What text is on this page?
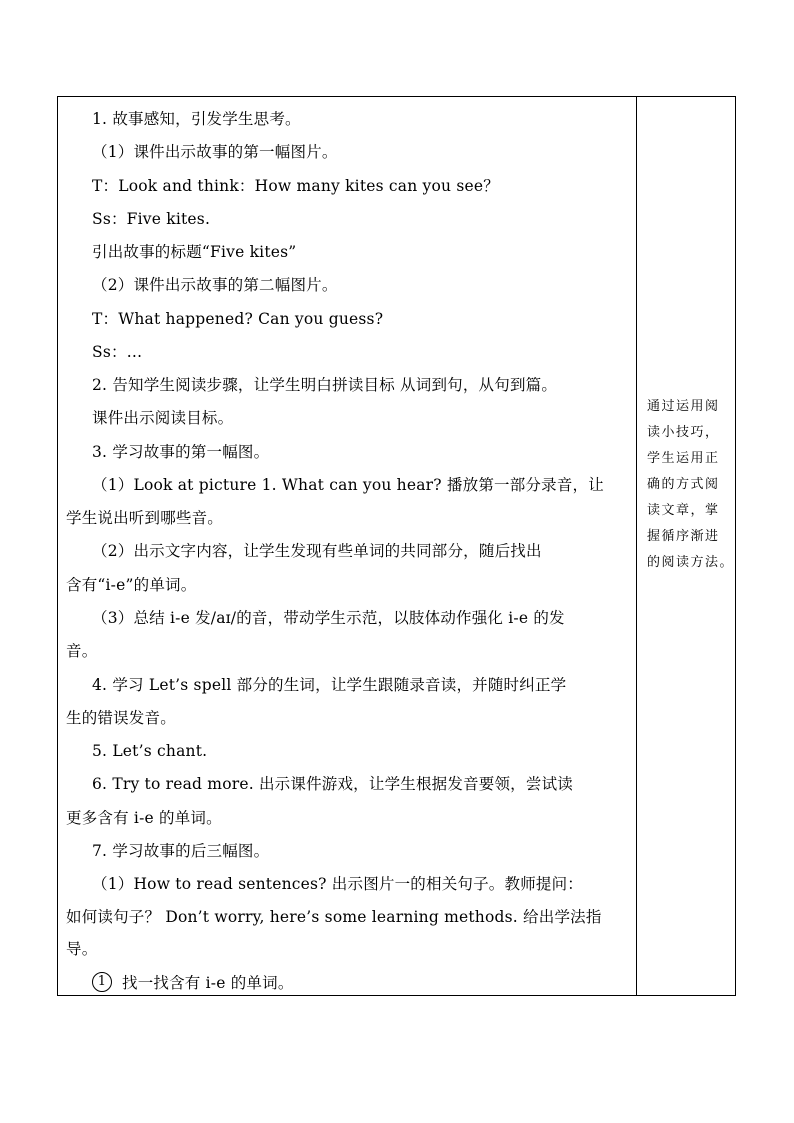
1. 故事感知，引发学生思考。
（1）课件出示故事的第一幅图片。
T：Look and think：How many kites can you see？
Ss：Five kites.
引出故事的标题“Five kites”
（2）课件出示故事的第二幅图片。
T：What happened? Can you guess?
Ss：…
2. 告知学生阅读步骤，让学生明白拼读目标 从词到句，从句到篇。
课件出示阅读目标。
3. 学习故事的第一幅图。
（1）Look at picture 1. What can you hear? 播放第一部分录音，让
学生说出听到哪些音。
（2）出示文字内容，让学生发现有些单词的共同部分，随后找出
含有“i-e”的单词。
（3）总结 i-e 发/aɪ/的音，带动学生示范，以肢体动作强化 i-e 的发
音。
4. 学习 Let’s spell 部分的生词，让学生跟随录音读，并随时纠正学
生的错误发音。
5. Let’s chant.
6. Try to read more. 出示课件游戏，让学生根据发音要领，尝试读
更多含有 i-e 的单词。
7. 学习故事的后三幅图。
（1）How to read sentences? 出示图片一的相关句子。教师提问：
如何读句子？ Don’t worry, here’s some learning methods. 给出学法指
导。
1 找一找含有 i-e 的单词。
通过运用阅
读小技巧，
学生运用正
确的方式阅
读文章，掌
握循序渐进
的阅读方法。
